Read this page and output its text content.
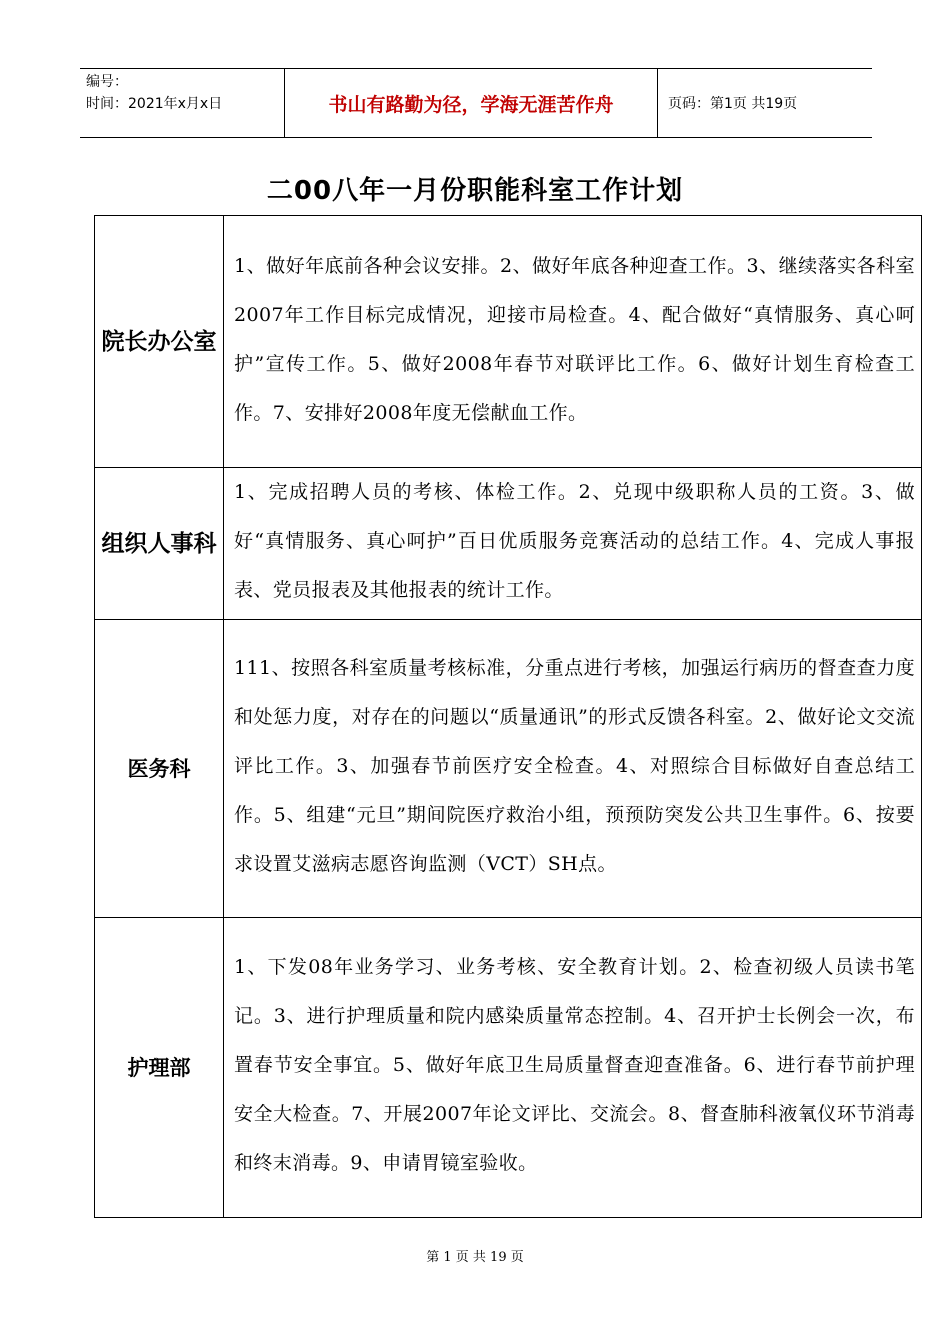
编号：
时间：2021年x月x日	书山有路勤为径，学海无涯苦作舟	页码：第1页 共19页
二00八年一月份职能科室工作计划
院长办公室	1、做好年底前各种会议安排。2、做好年底各种迎查工作。3、继续落实各科室2007年工作目标完成情况，迎接市局检查。4、配合做好“真情服务、真心呵护”宣传工作。5、做好2008年春节对联评比工作。6、做好计划生育检查工作。7、安排好2008年度无偿献血工作。

组织人事科	1、完成招聘人员的考核、体检工作。2、兑现中级职称人员的工资。3、做好“真情服务、真心呵护”百日优质服务竞赛活动的总结工作。4、完成人事报表、党员报表及其他报表的统计工作。
医务科	111、按照各科室质量考核标准，分重点进行考核，加强运行病历的督查查力度和处惩力度，对存在的问题以“质量通讯”的形式反馈各科室。2、做好论文交流评比工作。3、加强春节前医疗安全检查。4、对照综合目标做好自查总结工作。5、组建“元旦”期间院医疗救治小组，预预防突发公共卫生事件。6、按要求设置艾滋病志愿咨询监测（VCT）SH点。
护理部	1、下发08年业务学习、业务考核、安全教育计划。2、检查初级人员读书笔记。3、进行护理质量和院内感染质量常态控制。4、召开护士长例会一次，布置春节安全事宜。5、做好年底卫生局质量督查迎查准备。6、进行春节前护理安全大检查。7、开展2007年论文评比、交流会。8、督查肺科液氧仪环节消毒和终末消毒。9、申请胃镜室验收。
第 1 页 共 19 页
